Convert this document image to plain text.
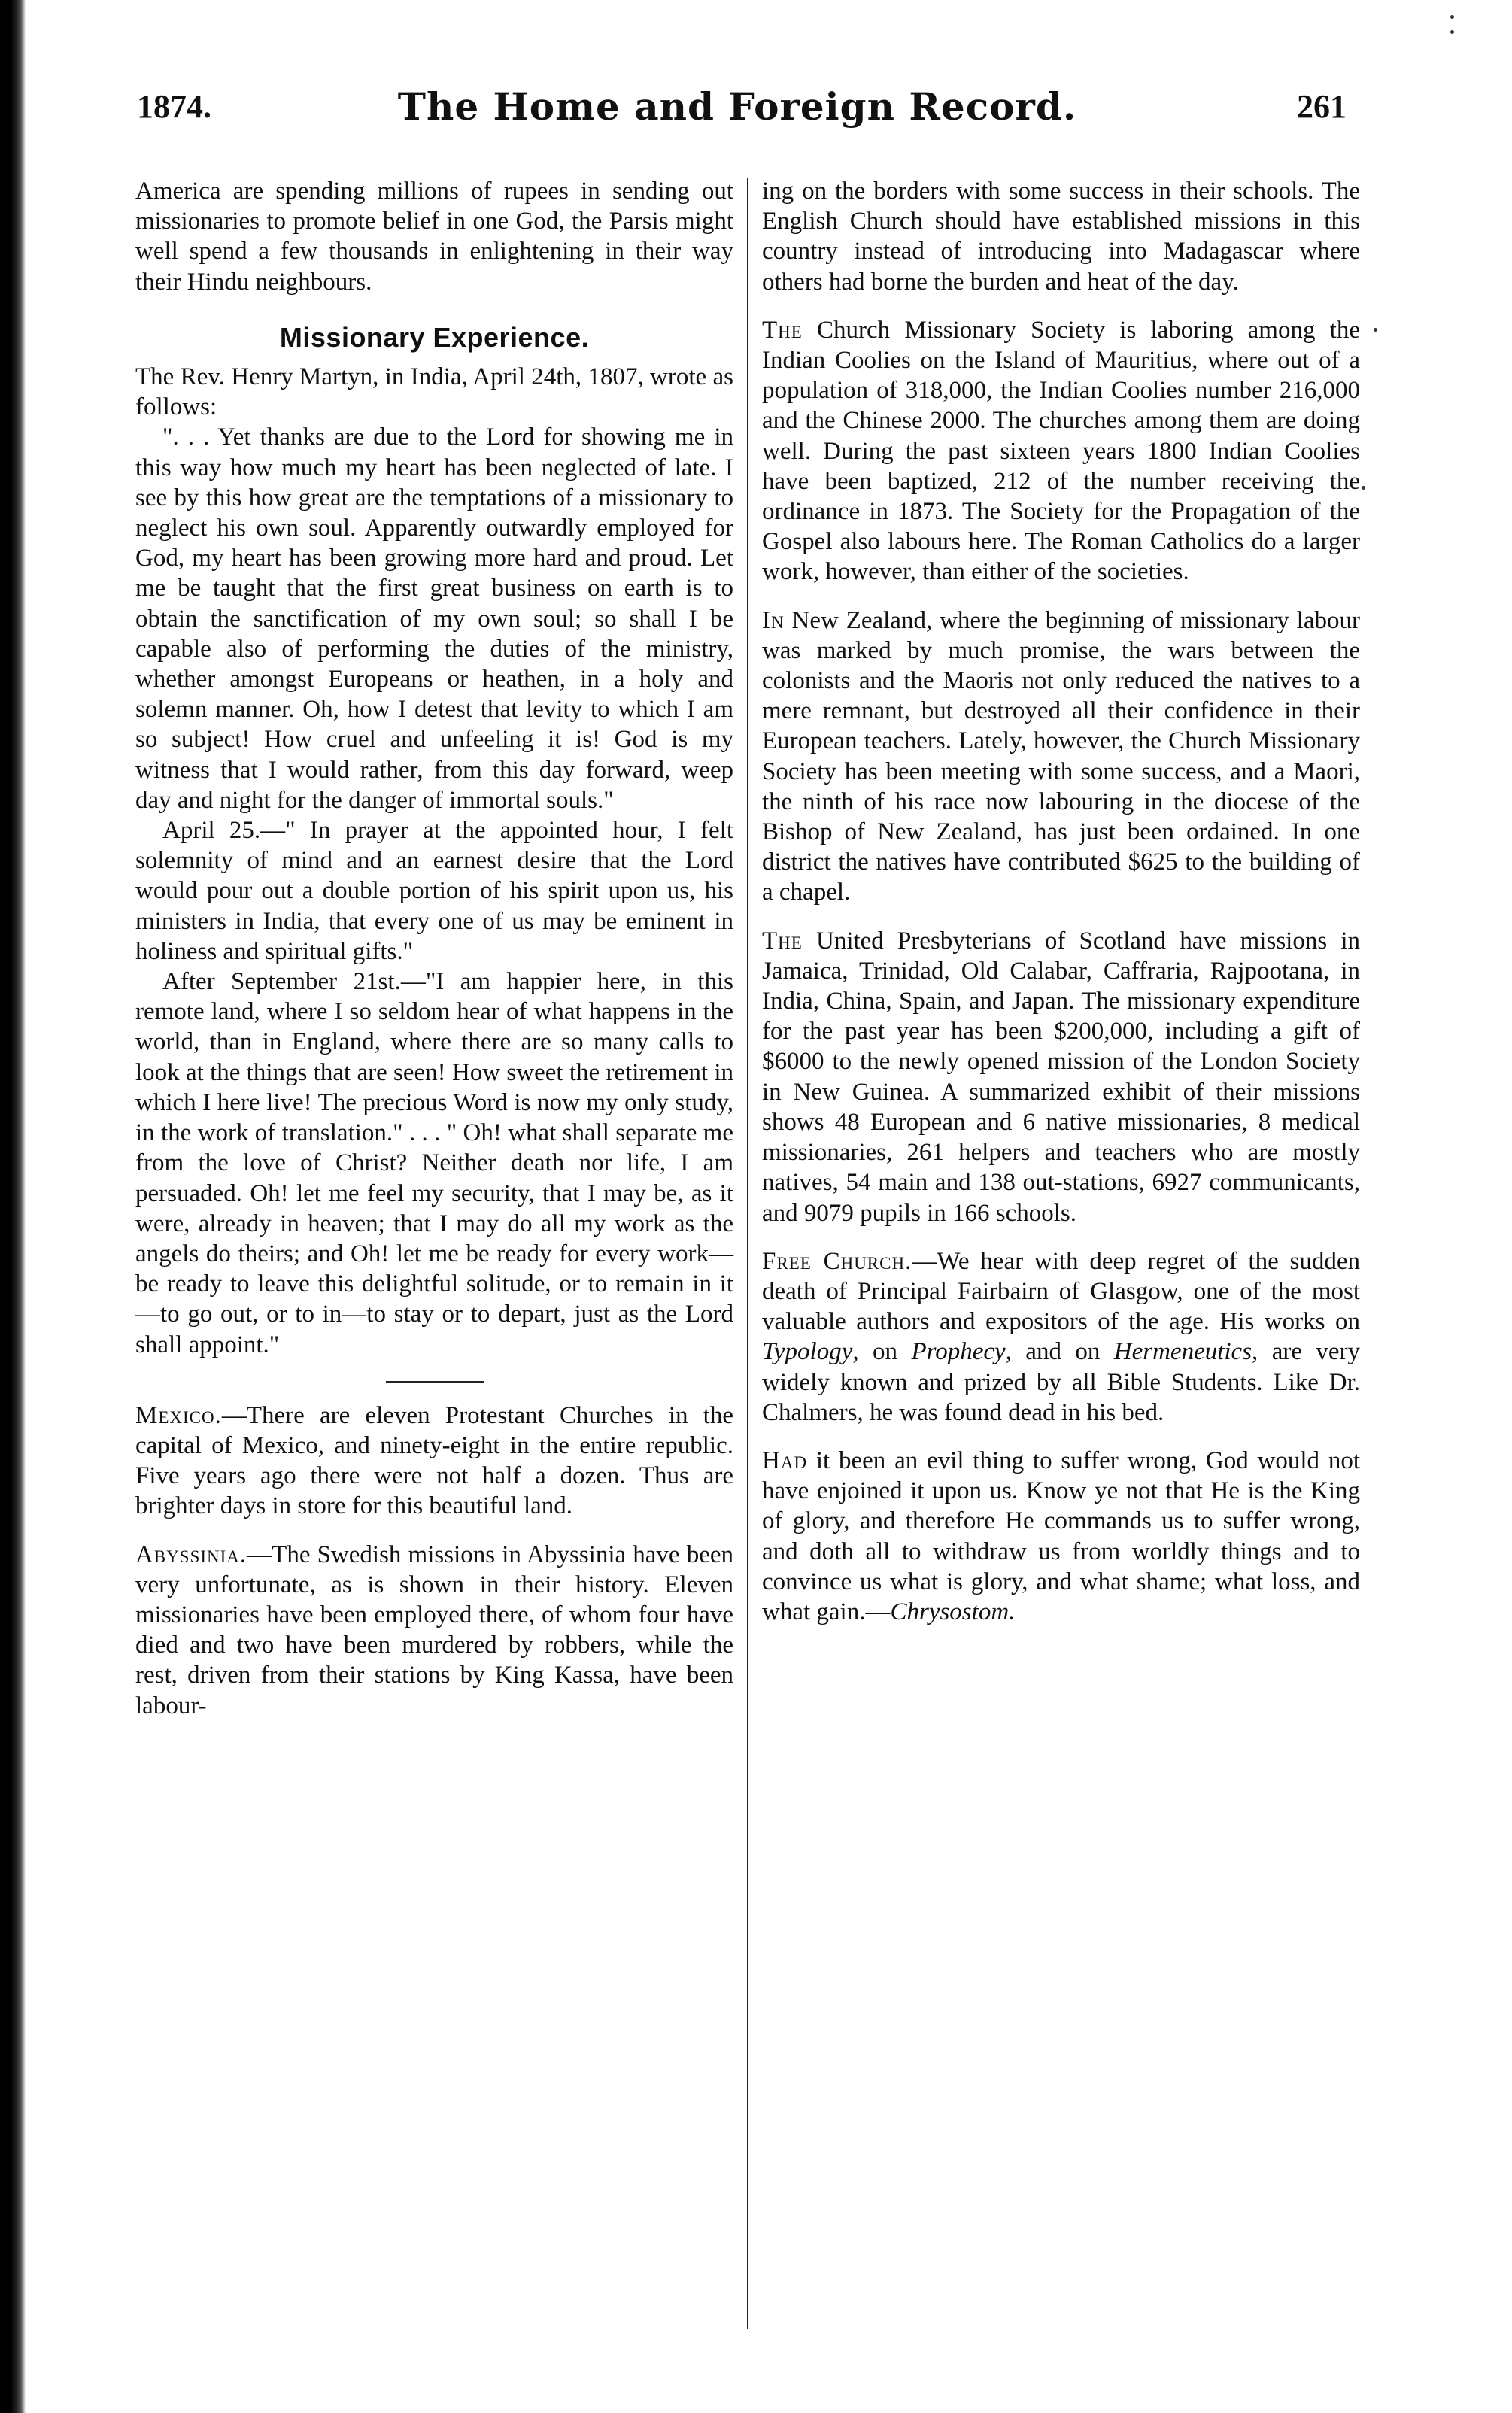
1874.	The Home and Foreign Record.	261

America are spending millions of rupees in sending out missionaries to promote belief in one God, the Parsis might well spend a few thousands in enlightening in their way their Hindu neighbours.

Missionary Experience.

The Rev. Henry Martyn, in India, April 24th, 1807, wrote as follows:

". . . Yet thanks are due to the Lord for showing me in this way how much my heart has been neglected of late. I see by this how great are the temptations of a missionary to neglect his own soul. Apparently outwardly employed for God, my heart has been growing more hard and proud. Let me be taught that the first great business on earth is to obtain the sanctification of my own soul; so shall I be capable also of performing the duties of the ministry, whether amongst Europeans or heathen, in a holy and solemn manner. Oh, how I detest that levity to which I am so subject! How cruel and unfeeling it is! God is my witness that I would rather, from this day forward, weep day and night for the danger of immortal souls."

April 25.—" In prayer at the appointed hour, I felt solemnity of mind and an earnest desire that the Lord would pour out a double portion of his spirit upon us, his ministers in India, that every one of us may be eminent in holiness and spiritual gifts."

After September 21st.—"I am happier here, in this remote land, where I so seldom hear of what happens in the world, than in England, where there are so many calls to look at the things that are seen! How sweet the retirement in which I here live! The precious Word is now my only study, in the work of translation." . . . " Oh! what shall separate me from the love of Christ? Neither death nor life, I am persuaded. Oh! let me feel my security, that I may be, as it were, already in heaven; that I may do all my work as the angels do theirs; and Oh! let me be ready for every work—be ready to leave this delightful solitude, or to remain in it—to go out, or to in—to stay or to depart, just as the Lord shall appoint."

Mexico.—There are eleven Protestant Churches in the capital of Mexico, and ninety-eight in the entire republic. Five years ago there were not half a dozen. Thus are brighter days in store for this beautiful land.

Abyssinia.—The Swedish missions in Abyssinia have been very unfortunate, as is shown in their history. Eleven missionaries have been employed there, of whom four have died and two have been murdered by robbers, while the rest, driven from their stations by King Kassa, have been labour-

ing on the borders with some success in their schools. The English Church should have established missions in this country instead of introducing into Madagascar where others had borne the burden and heat of the day.

The Church Missionary Society is laboring among the Indian Coolies on the Island of Mauritius, where out of a population of 318,000, the Indian Coolies number 216,000 and the Chinese 2000. The churches among them are doing well. During the past sixteen years 1800 Indian Coolies have been baptized, 212 of the number receiving the ordinance in 1873. The Society for the Propagation of the Gospel also labours here. The Roman Catholics do a larger work, however, than either of the societies.

In New Zealand, where the beginning of missionary labour was marked by much promise, the wars between the colonists and the Maoris not only reduced the natives to a mere remnant, but destroyed all their confidence in their European teachers. Lately, however, the Church Missionary Society has been meeting with some success, and a Maori, the ninth of his race now labouring in the diocese of the Bishop of New Zealand, has just been ordained. In one district the natives have contributed $625 to the building of a chapel.

The United Presbyterians of Scotland have missions in Jamaica, Trinidad, Old Calabar, Caffraria, Rajpootana, in India, China, Spain, and Japan. The missionary expenditure for the past year has been $200,000, including a gift of $6000 to the newly opened mission of the London Society in New Guinea. A summarized exhibit of their missions shows 48 European and 6 native missionaries, 8 medical missionaries, 261 helpers and teachers who are mostly natives, 54 main and 138 out-stations, 6927 communicants, and 9079 pupils in 166 schools.

Free Church.—We hear with deep regret of the sudden death of Principal Fairbairn of Glasgow, one of the most valuable authors and expositors of the age. His works on Typology, on Prophecy, and on Hermeneutics, are very widely known and prized by all Bible Students. Like Dr. Chalmers, he was found dead in his bed.

Had it been an evil thing to suffer wrong, God would not have enjoined it upon us. Know ye not that He is the King of glory, and therefore He commands us to suffer wrong, and doth all to withdraw us from worldly things and to convince us what is glory, and what shame; what loss, and what gain.—Chrysostom.
